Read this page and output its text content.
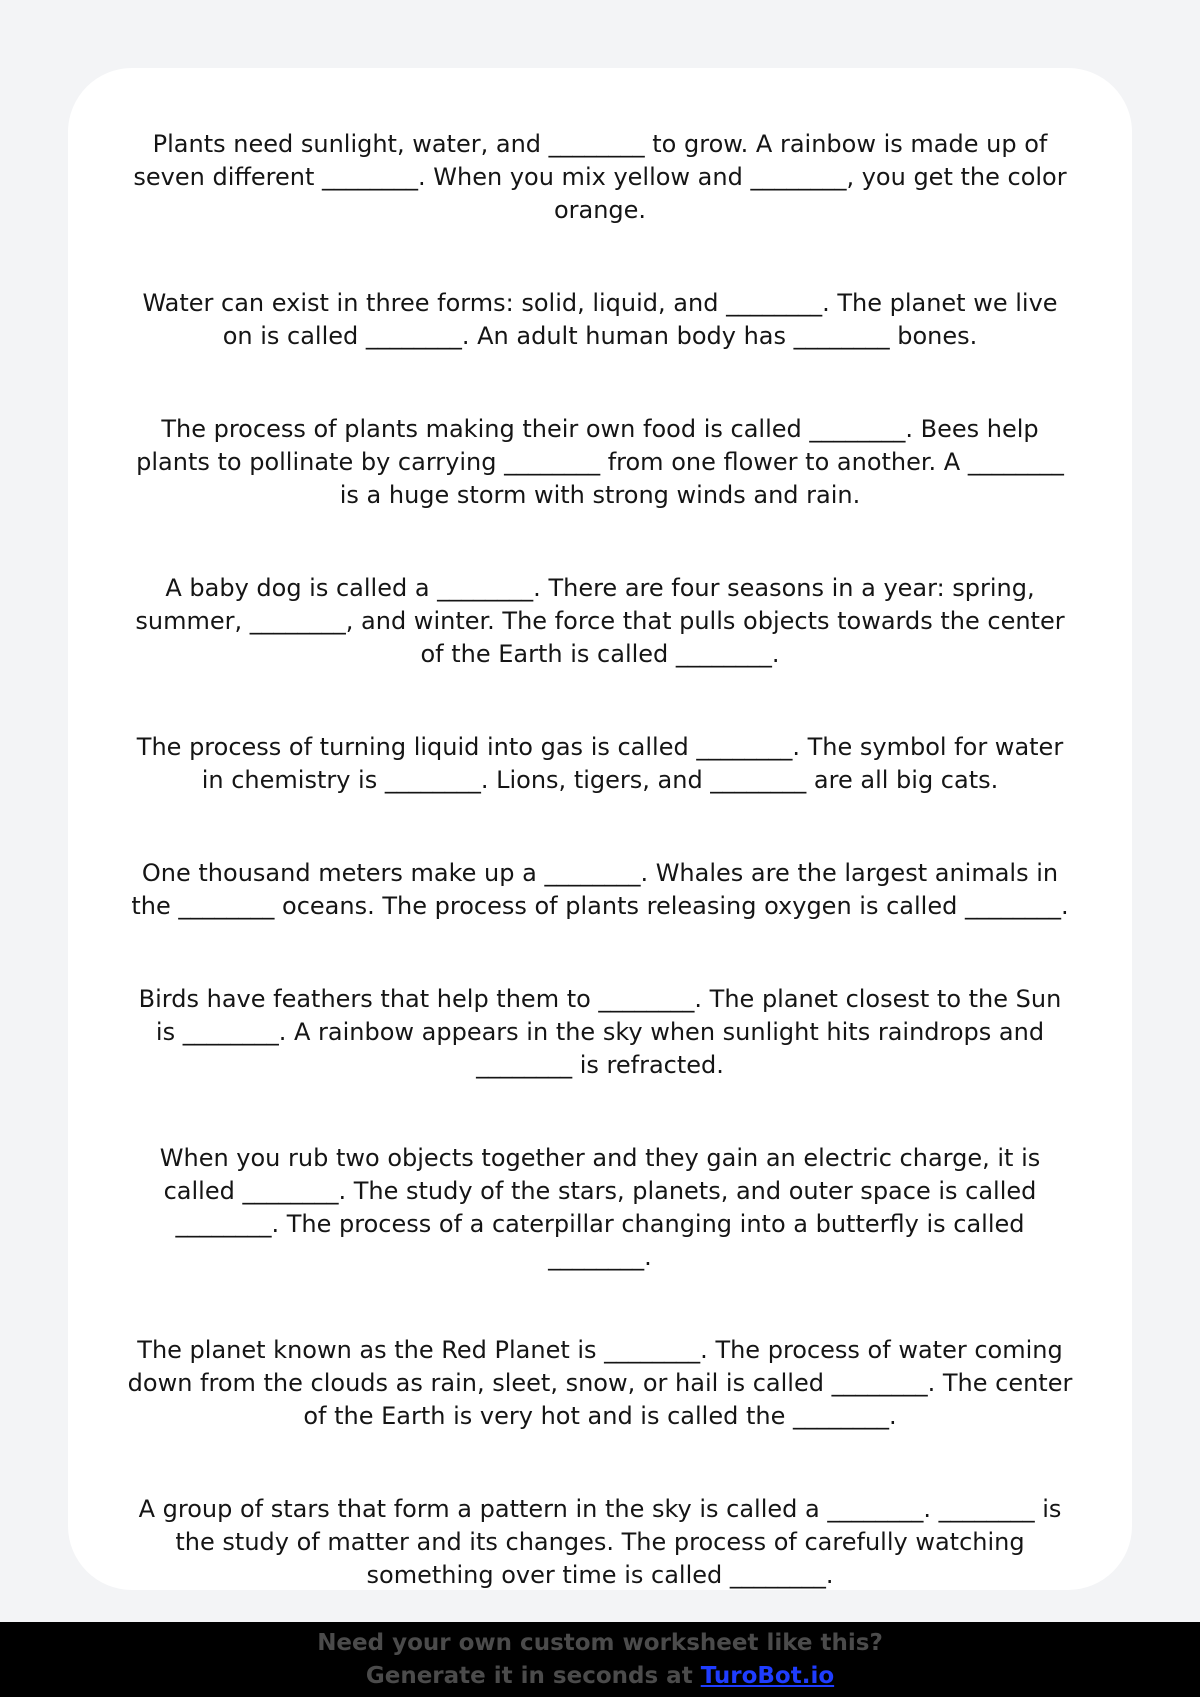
Plants need sunlight, water, and ________ to grow. A rainbow is made up of seven different ________. When you mix yellow and ________, you get the color orange.

Water can exist in three forms: solid, liquid, and ________. The planet we live on is called ________. An adult human body has ________ bones.

The process of plants making their own food is called ________. Bees help plants to pollinate by carrying ________ from one flower to another. A ________ is a huge storm with strong winds and rain.

A baby dog is called a ________. There are four seasons in a year: spring, summer, ________, and winter. The force that pulls objects towards the center of the Earth is called ________.

The process of turning liquid into gas is called ________. The symbol for water in chemistry is ________. Lions, tigers, and ________ are all big cats.

One thousand meters make up a ________. Whales are the largest animals in the ________ oceans. The process of plants releasing oxygen is called ________.

Birds have feathers that help them to ________. The planet closest to the Sun is ________. A rainbow appears in the sky when sunlight hits raindrops and ________ is refracted.

When you rub two objects together and they gain an electric charge, it is called ________. The study of the stars, planets, and outer space is called ________. The process of a caterpillar changing into a butterfly is called ________.

The planet known as the Red Planet is ________. The process of water coming down from the clouds as rain, sleet, snow, or hail is called ________. The center of the Earth is very hot and is called the ________.

A group of stars that form a pattern in the sky is called a ________. ________ is the study of matter and its changes. The process of carefully watching something over time is called ________.

Need your own custom worksheet like this?
Generate it in seconds at TuroBot.io
